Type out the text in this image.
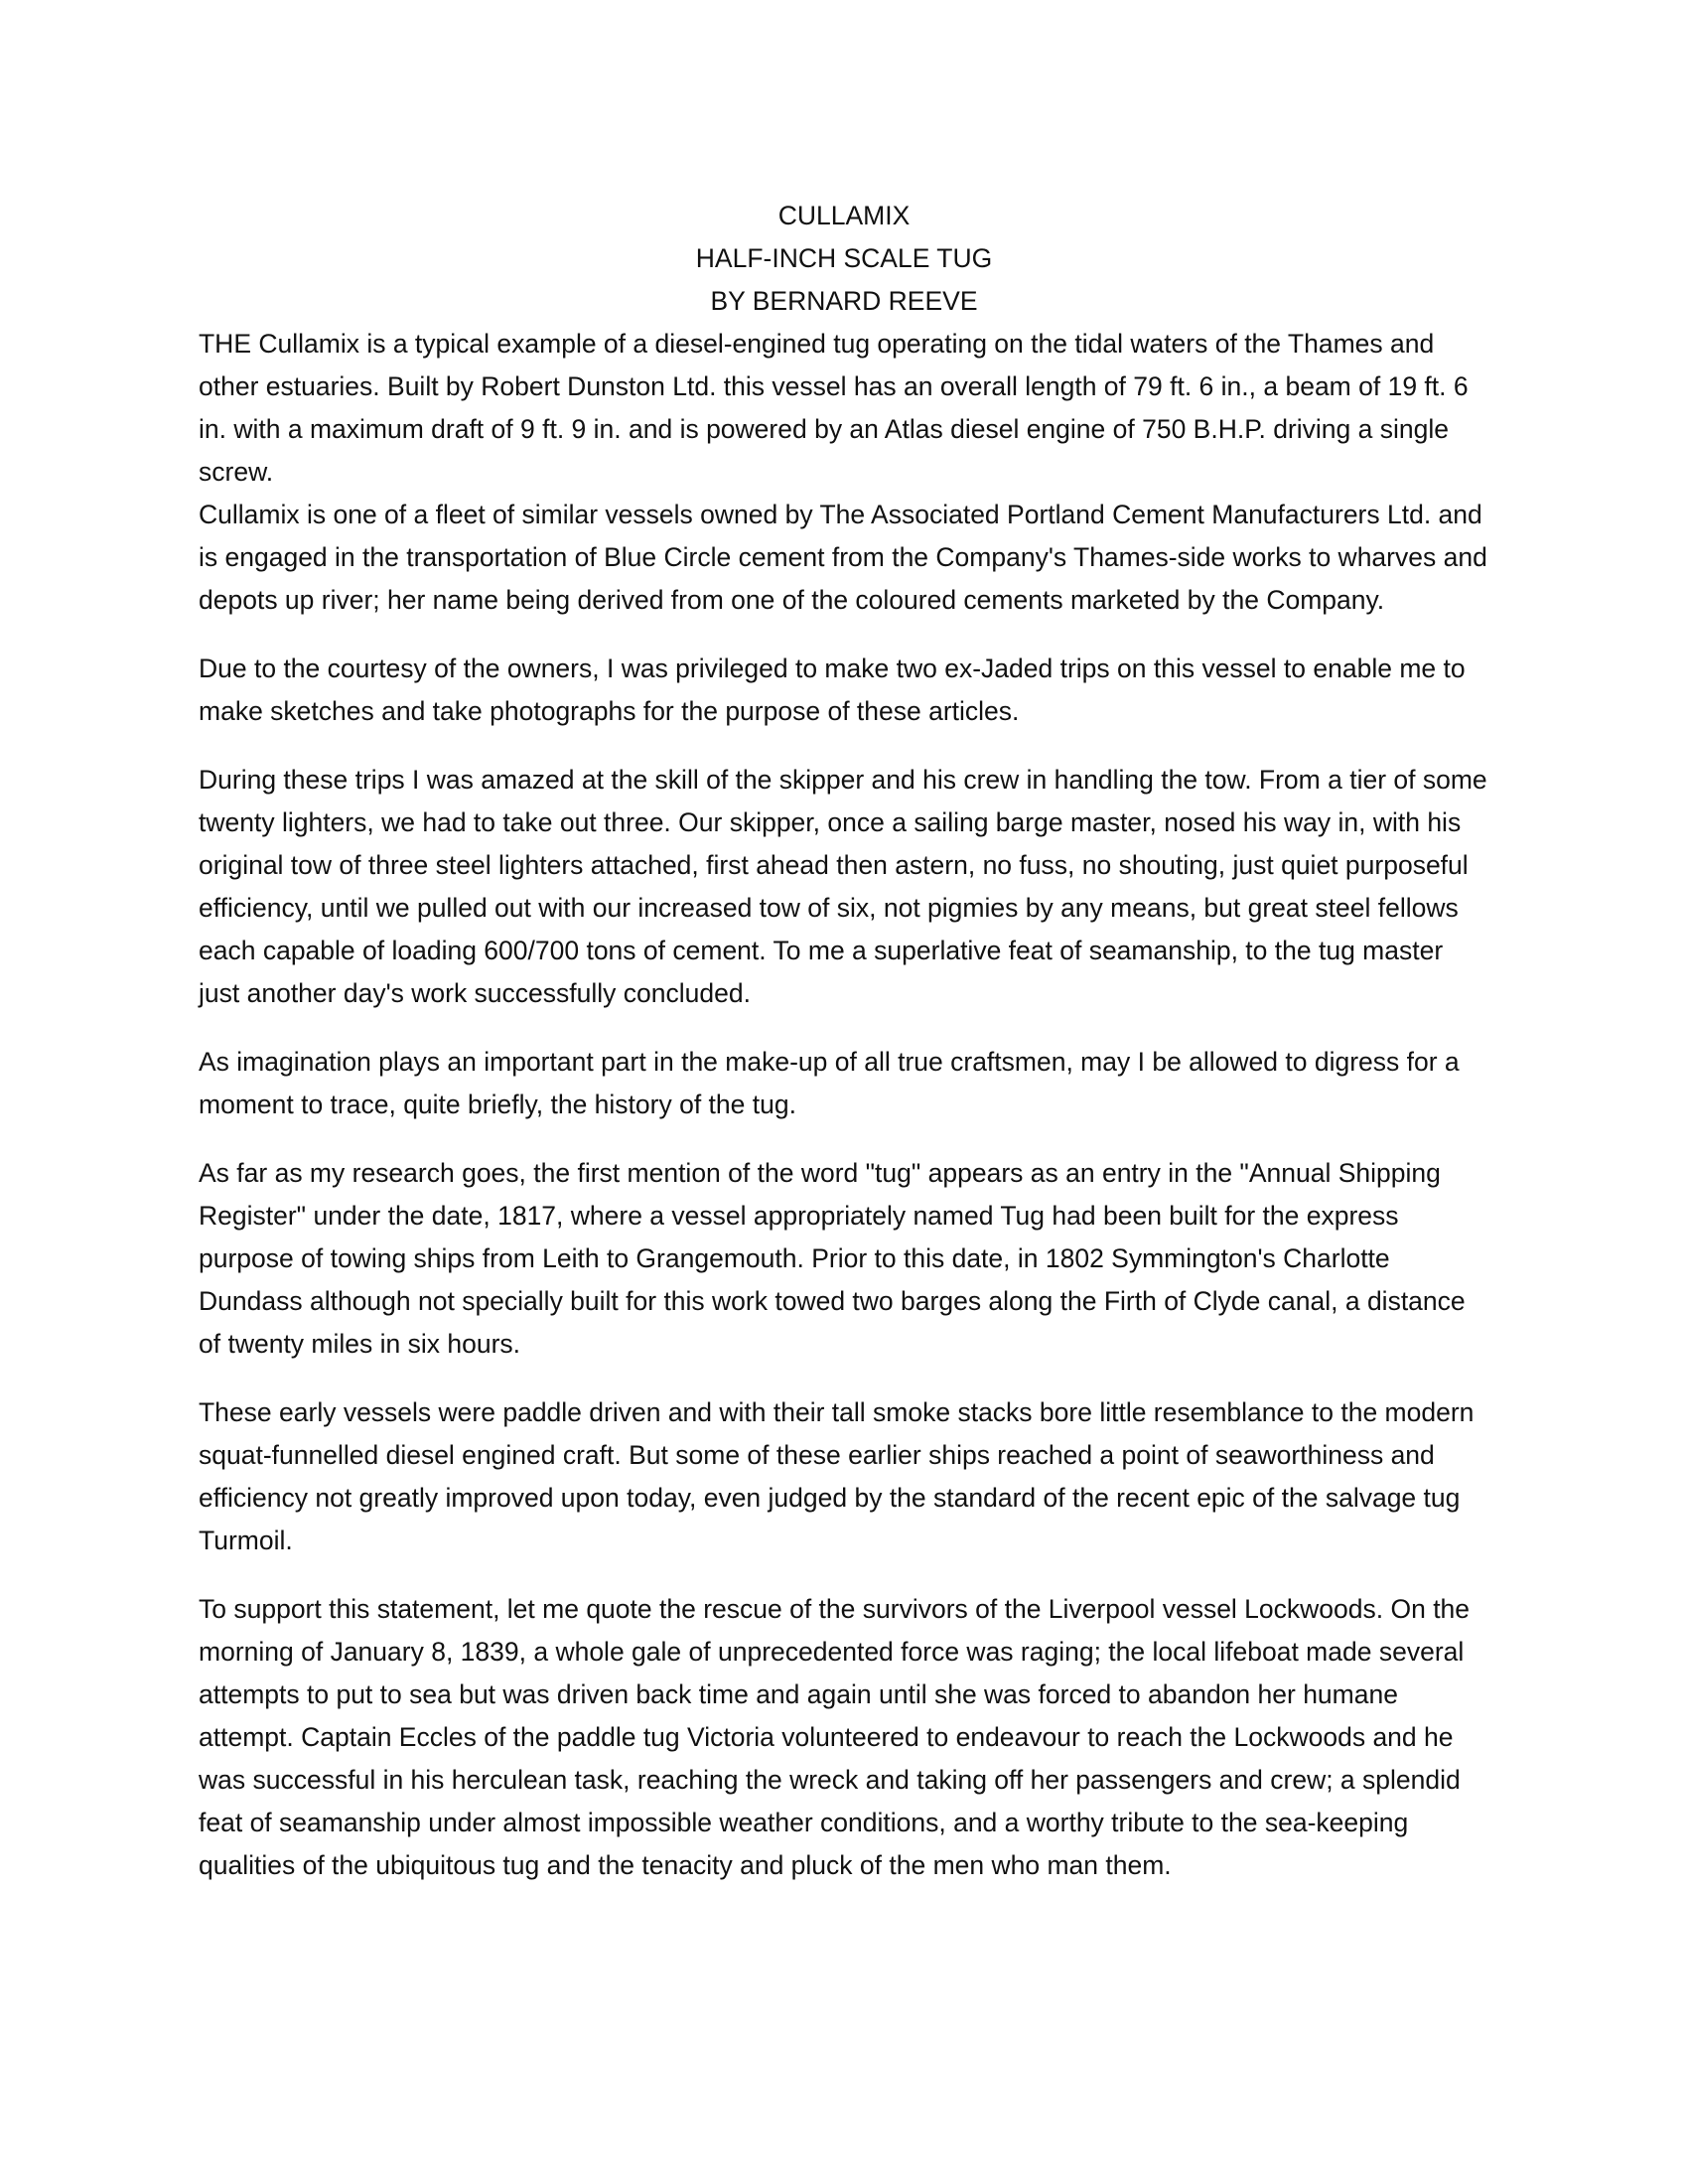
CULLAMIX
HALF-INCH SCALE TUG
BY BERNARD REEVE

THE Cullamix is a typical example of a diesel-engined tug operating on the tidal waters of the Thames and other estuaries. Built by Robert Dunston Ltd. this vessel has an overall length of 79 ft. 6 in., a beam of 19 ft. 6 in. with a maximum draft of 9 ft. 9 in. and is powered by an Atlas diesel engine of 750 B.H.P. driving a single screw.

Cullamix is one of a fleet of similar vessels owned by The Associated Portland Cement Manufacturers Ltd. and is engaged in the transportation of Blue Circle cement from the Company's Thames-side works to wharves and depots up river; her name being derived from one of the coloured cements marketed by the Company.

Due to the courtesy of the owners, I was privileged to make two ex-Jaded trips on this vessel to enable me to make sketches and take photographs for the purpose of these articles.

During these trips I was amazed at the skill of the skipper and his crew in handling the tow. From a tier of some twenty lighters, we had to take out three. Our skipper, once a sailing barge master, nosed his way in, with his original tow of three steel lighters attached, first ahead then astern, no fuss, no shouting, just quiet purposeful efficiency, until we pulled out with our increased tow of six, not pigmies by any means, but great steel fellows each capable of loading 600/700 tons of cement. To me a superlative feat of seamanship, to the tug master just another day's work successfully concluded.

As imagination plays an important part in the make-up of all true craftsmen, may I be allowed to digress for a moment to trace, quite briefly, the history of the tug.

As far as my research goes, the first mention of the word "tug" appears as an entry in the "Annual Shipping Register" under the date, 1817, where a vessel appropriately named Tug had been built for the express purpose of towing ships from Leith to Grangemouth. Prior to this date, in 1802 Symmington's Charlotte Dundass although not specially built for this work towed two barges along the Firth of Clyde canal, a distance of twenty miles in six hours.

These early vessels were paddle driven and with their tall smoke stacks bore little resemblance to the modern squat-funnelled diesel engined craft. But some of these earlier ships reached a point of seaworthiness and efficiency not greatly improved upon today, even judged by the standard of the recent epic of the salvage tug Turmoil.

To support this statement, let me quote the rescue of the survivors of the Liverpool vessel Lockwoods. On the morning of January 8, 1839, a whole gale of unprecedented force was raging; the local lifeboat made several attempts to put to sea but was driven back time and again until she was forced to abandon her humane attempt. Captain Eccles of the paddle tug Victoria volunteered to endeavour to reach the Lockwoods and he was successful in his herculean task, reaching the wreck and taking off her passengers and crew; a splendid feat of seamanship under almost impossible weather conditions, and a worthy tribute to the sea-keeping qualities of the ubiquitous tug and the tenacity and pluck of the men who man them.
